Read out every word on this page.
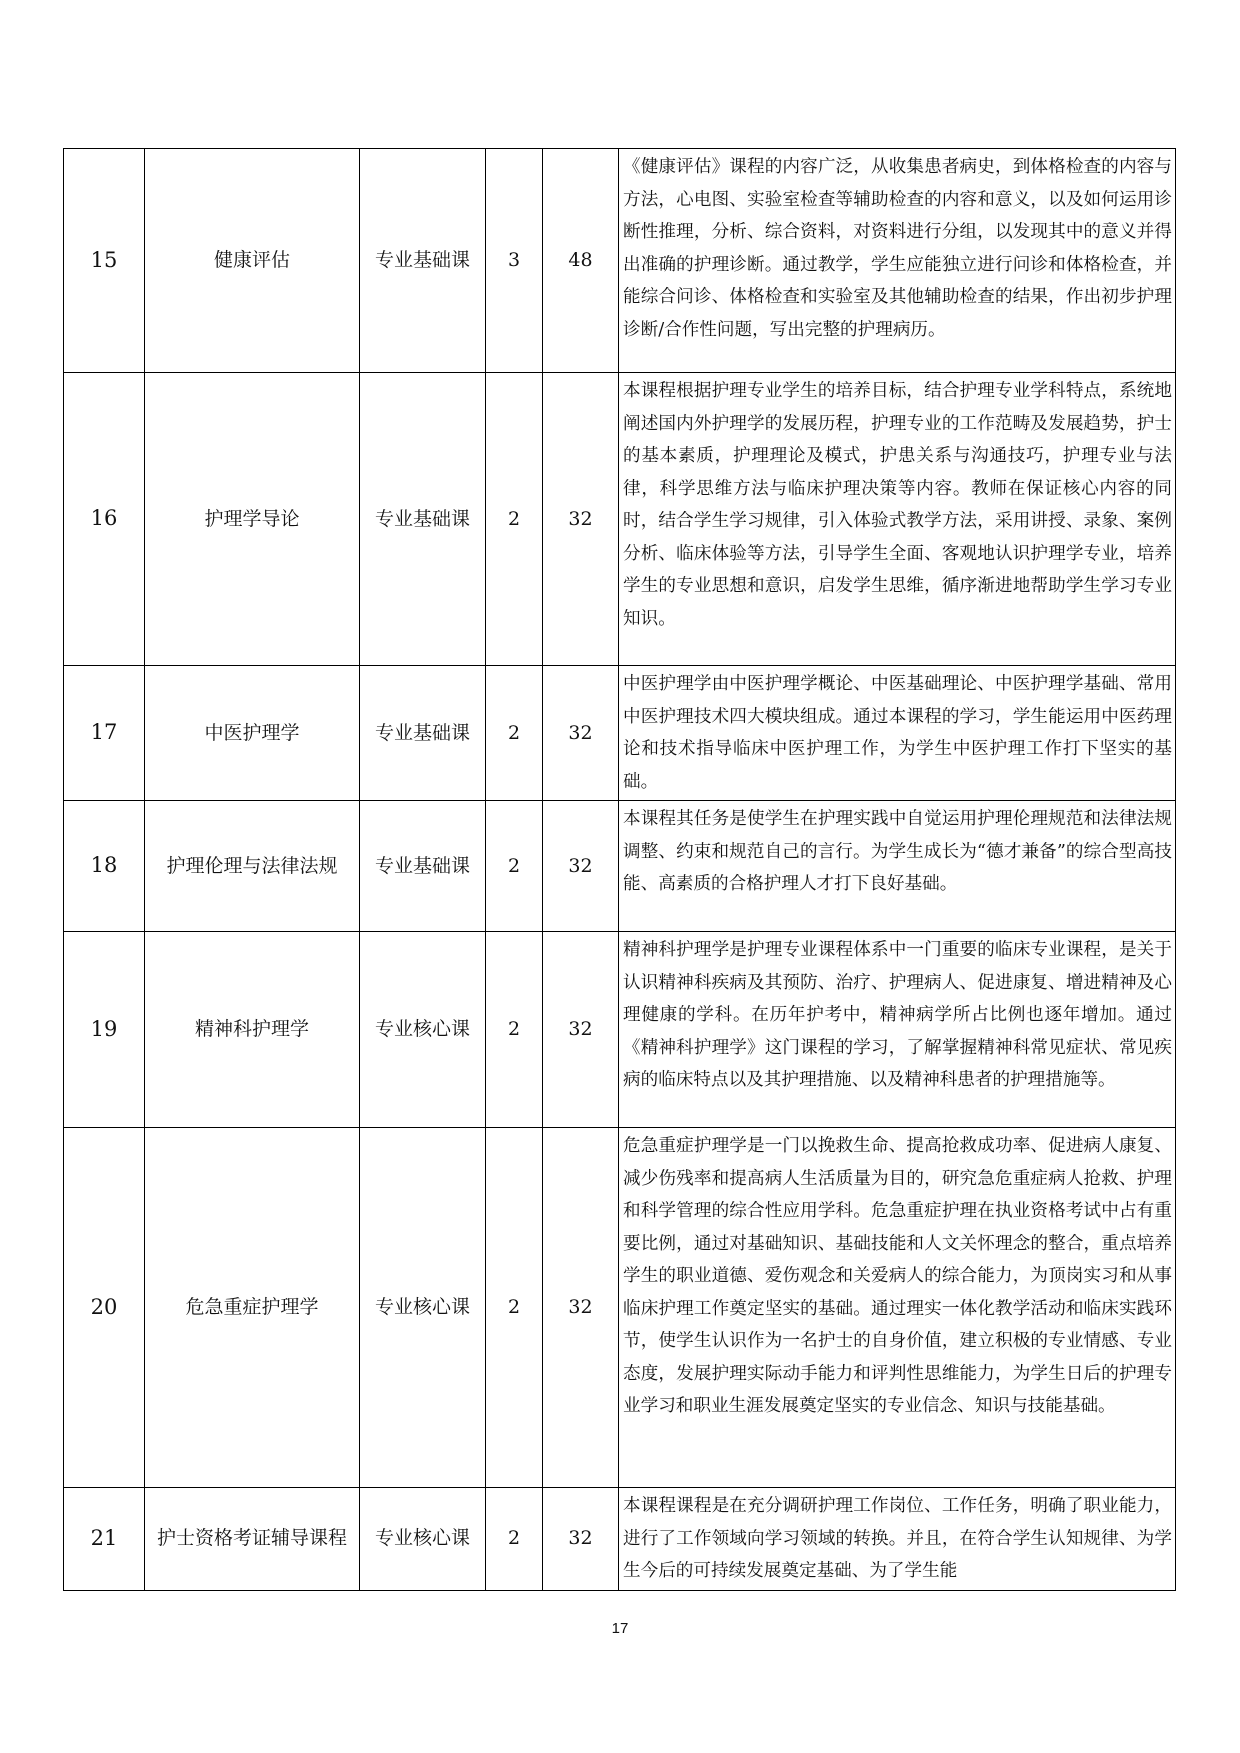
15	健康评估	专业基础课	3	48	《健康评估》课程的内容广泛，从收集患者病史，到体格检查的内容与方法，心电图、实验室检查等辅助检查的内容和意义，以及如何运用诊断性推理，分析、综合资料，对资料进行分组，以发现其中的意义并得出准确的护理诊断。通过教学，学生应能独立进行问诊和体格检查，并能综合问诊、体格检查和实验室及其他辅助检查的结果，作出初步护理诊断/合作性问题，写出完整的护理病历。
16	护理学导论	专业基础课	2	32	本课程根据护理专业学生的培养目标，结合护理专业学科特点，系统地阐述国内外护理学的发展历程，护理专业的工作范畴及发展趋势，护士的基本素质，护理理论及模式，护患关系与沟通技巧，护理专业与法律，科学思维方法与临床护理决策等内容。教师在保证核心内容的同时，结合学生学习规律，引入体验式教学方法，采用讲授、录象、案例分析、临床体验等方法，引导学生全面、客观地认识护理学专业，培养学生的专业思想和意识，启发学生思维，循序渐进地帮助学生学习专业知识。
17	中医护理学	专业基础课	2	32	中医护理学由中医护理学概论、中医基础理论、中医护理学基础、常用中医护理技术四大模块组成。通过本课程的学习，学生能运用中医药理论和技术指导临床中医护理工作，为学生中医护理工作打下坚实的基础。
18	护理伦理与法律法规	专业基础课	2	32	本课程其任务是使学生在护理实践中自觉运用护理伦理规范和法律法规调整、约束和规范自己的言行。为学生成长为“德才兼备”的综合型高技能、高素质的合格护理人才打下良好基础。
19	精神科护理学	专业核心课	2	32	精神科护理学是护理专业课程体系中一门重要的临床专业课程，是关于认识精神科疾病及其预防、治疗、护理病人、促进康复、增进精神及心理健康的学科。在历年护考中，精神病学所占比例也逐年增加。通过《精神科护理学》这门课程的学习，了解掌握精神科常见症状、常见疾病的临床特点以及其护理措施、以及精神科患者的护理措施等。
20	危急重症护理学	专业核心课	2	32	危急重症护理学是一门以挽救生命、提高抢救成功率、促进病人康复、减少伤残率和提高病人生活质量为目的，研究急危重症病人抢救、护理和科学管理的综合性应用学科。危急重症护理在执业资格考试中占有重要比例，通过对基础知识、基础技能和人文关怀理念的整合，重点培养学生的职业道德、爱伤观念和关爱病人的综合能力，为顶岗实习和从事临床护理工作奠定坚实的基础。通过理实一体化教学活动和临床实践环节，使学生认识作为一名护士的自身价值，建立积极的专业情感、专业态度，发展护理实际动手能力和评判性思维能力，为学生日后的护理专业学习和职业生涯发展奠定坚实的专业信念、知识与技能基础。
21	护士资格考证辅导课程	专业核心课	2	32	本课程课程是在充分调研护理工作岗位、工作任务，明确了职业能力，进行了工作领域向学习领域的转换。并且，在符合学生认知规律、为学生今后的可持续发展奠定基础、为了学生能
17
